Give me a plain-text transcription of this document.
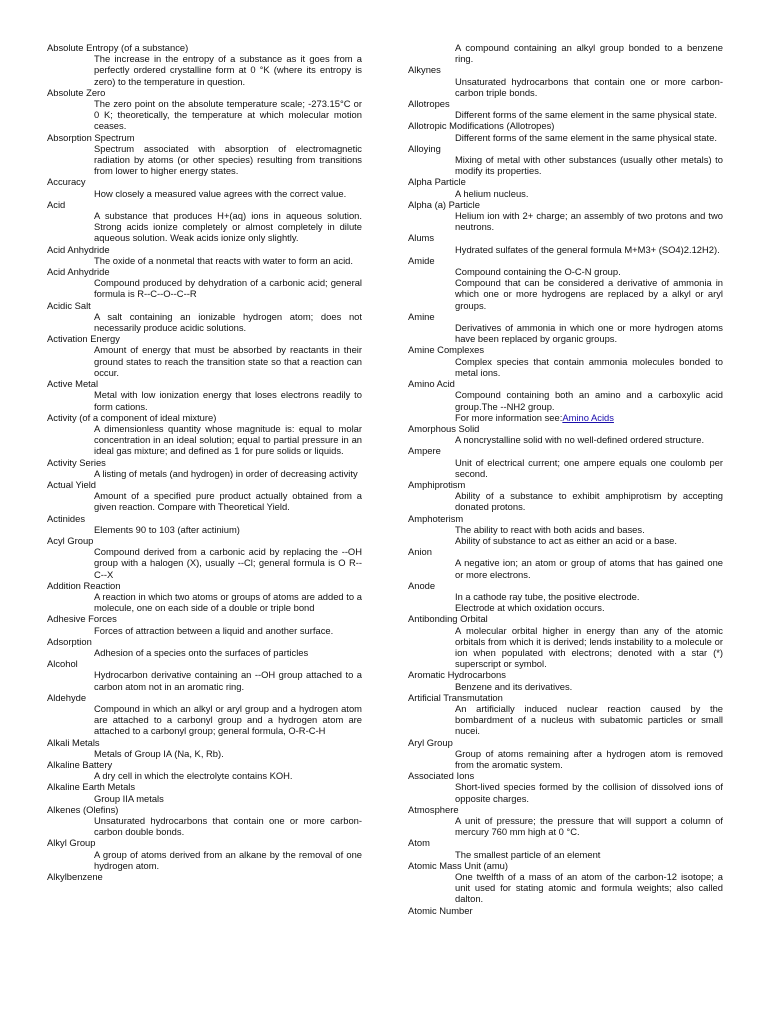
Absolute Entropy (of a substance)
The increase in the entropy of a substance as it goes from a perfectly ordered crystalline form at 0 °K (where its entropy is zero) to the temperature in question.
Absolute Zero
The zero point on the absolute temperature scale; -273.15°C or 0 K; theoretically, the temperature at which molecular motion ceases.
Absorption Spectrum
Spectrum associated with absorption of electromagnetic radiation by atoms (or other species) resulting from transitions from lower to higher energy states.
Accuracy
How closely a measured value agrees with the correct value.
Acid
A substance that produces H+(aq) ions in aqueous solution. Strong acids ionize completely or almost completely in dilute aqueous solution. Weak acids ionize only slightly.
Acid Anhydride
The oxide of a nonmetal that reacts with water to form an acid.
Acid Anhydride
Compound produced by dehydration of a carbonic acid; general formula is R--C--O--C--R
Acidic Salt
A salt containing an ionizable hydrogen atom; does not necessarily produce acidic solutions.
Activation Energy
Amount of energy that must be absorbed by reactants in their ground states to reach the transition state so that a reaction can occur.
Active Metal
Metal with low ionization energy that loses electrons readily to form cations.
Activity (of a component of ideal mixture)
A dimensionless quantity whose magnitude is: equal to molar concentration in an ideal solution; equal to partial pressure in an ideal gas mixture; and defined as 1 for pure solids or liquids.
Activity Series
A listing of metals (and hydrogen) in order of decreasing activity
Actual Yield
Amount of a specified pure product actually obtained from a given reaction. Compare with Theoretical Yield.
Actinides
Elements 90 to 103 (after actinium)
Acyl Group
Compound derived from a carbonic acid by replacing the --OH group with a halogen (X), usually --Cl; general formula is O R--C--X
Addition Reaction
A reaction in which two atoms or groups of atoms are added to a molecule, one on each side of a double or triple bond
Adhesive Forces
Forces of attraction between a liquid and another surface.
Adsorption
Adhesion of a species onto the surfaces of particles
Alcohol
Hydrocarbon derivative containing an --OH group attached to a carbon atom not in an aromatic ring.
Aldehyde
Compound in which an alkyl or aryl group and a hydrogen atom are attached to a carbonyl group and a hydrogen atom are attached to a carbonyl group; general formula, O-R-C-H
Alkali Metals
Metals of Group IA (Na, K, Rb).
Alkaline Battery
A dry cell in which the electrolyte contains KOH.
Alkaline Earth Metals
Group IIA metals
Alkenes (Olefins)
Unsaturated hydrocarbons that contain one or more carbon-carbon double bonds.
Alkyl Group
A group of atoms derived from an alkane by the removal of one hydrogen atom.
Alkylbenzene
A compound containing an alkyl group bonded to a benzene ring.
Alkynes
Unsaturated hydrocarbons that contain one or more carbon-carbon triple bonds.
Allotropes
Different forms of the same element in the same physical state.
Allotropic Modifications (Allotropes)
Different forms of the same element in the same physical state.
Alloying
Mixing of metal with other substances (usually other metals) to modify its properties.
Alpha Particle
A helium nucleus.
Alpha (a) Particle
Helium ion with 2+ charge; an assembly of two protons and two neutrons.
Alums
Hydrated sulfates of the general formula M+M3+ (SO4)2.12H2).
Amide
Compound containing the O-C-N group.
Compound that can be considered a derivative of ammonia in which one or more hydrogens are replaced by a alkyl or aryl groups.
Amine
Derivatives of ammonia in which one or more hydrogen atoms have been replaced by organic groups.
Amine Complexes
Complex species that contain ammonia molecules bonded to metal ions.
Amino Acid
Compound containing both an amino and a carboxylic acid group.The --NH2 group.
For more information see:Amino Acids
Amorphous Solid
A noncrystalline solid with no well-defined ordered structure.
Ampere
Unit of electrical current; one ampere equals one coulomb per second.
Amphiprotism
Ability of a substance to exhibit amphiprotism by accepting donated protons.
Amphoterism
The ability to react with both acids and bases.
Ability of substance to act as either an acid or a base.
Anion
A negative ion; an atom or group of atoms that has gained one or more electrons.
Anode
In a cathode ray tube, the positive electrode.
Electrode at which oxidation occurs.
Antibonding Orbital
A molecular orbital higher in energy than any of the atomic orbitals from which it is derived; lends instability to a molecule or ion when populated with electrons; denoted with a star (*) superscript or symbol.
Aromatic Hydrocarbons
Benzene and its derivatives.
Artificial Transmutation
An artificially induced nuclear reaction caused by the bombardment of a nucleus with subatomic particles or small nucei.
Aryl Group
Group of atoms remaining after a hydrogen atom is removed from the aromatic system.
Associated Ions
Short-lived species formed by the collision of dissolved ions of opposite charges.
Atmosphere
A unit of pressure; the pressure that will support a column of mercury 760 mm high at 0 °C.
Atom
The smallest particle of an element
Atomic Mass Unit (amu)
One twelfth of a mass of an atom of the carbon-12 isotope; a unit used for stating atomic and formula weights; also called dalton.
Atomic Number
